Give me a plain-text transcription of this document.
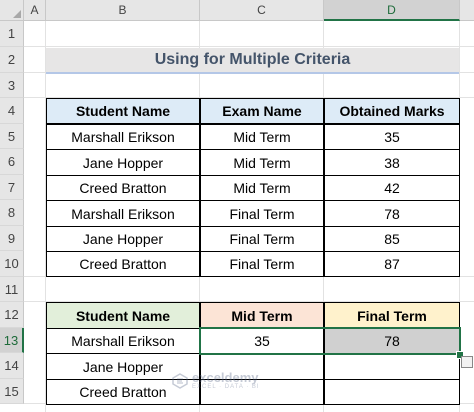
A	B	C	D
1
2
3
4
5
6
7
8
9
10
11
12
13
14
15
Using for Multiple Criteria
Student Name	Exam Name	Obtained Marks
Marshall Erikson	Mid Term	35
Jane Hopper	Mid Term	38
Creed Bratton	Mid Term	42
Marshall Erikson	Final Term	78
Jane Hopper	Final Term	85
Creed Bratton	Final Term	87
Student Name	Mid Term	Final Term
Marshall Erikson	35	78
Jane Hopper
Creed Bratton
exceldemy
EXCEL · DATA · BI
